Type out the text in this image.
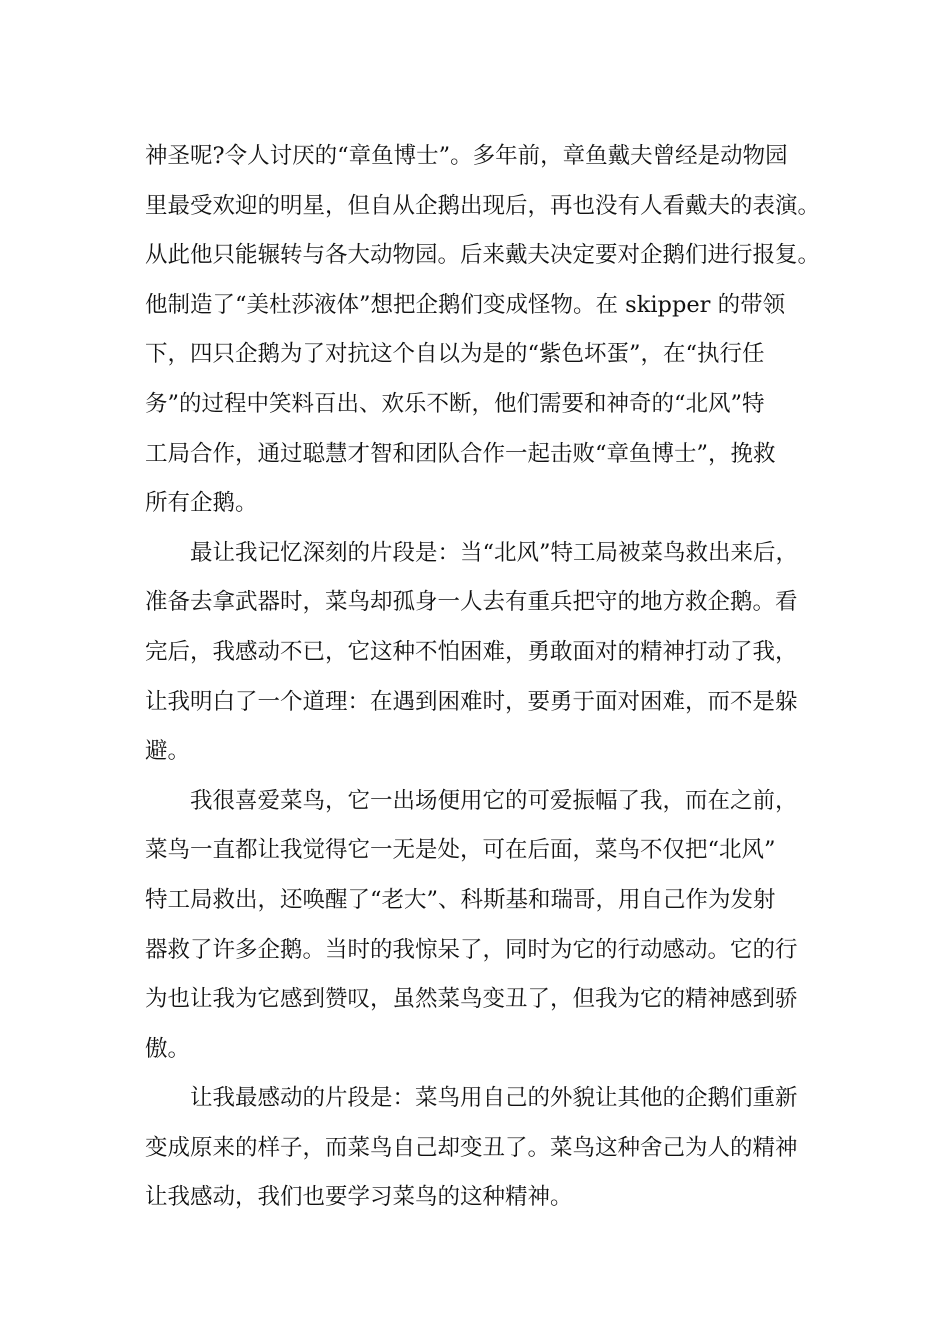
神圣呢?令人讨厌的“章鱼博士”。多年前，章鱼戴夫曾经是动物园
里最受欢迎的明星，但自从企鹅出现后，再也没有人看戴夫的表演。
从此他只能辗转与各大动物园。后来戴夫决定要对企鹅们进行报复。
他制造了“美杜莎液体”想把企鹅们变成怪物。在 skipper 的带领
下，四只企鹅为了对抗这个自以为是的“紫色坏蛋”，在“执行任
务”的过程中笑料百出、欢乐不断，他们需要和神奇的“北风”特
工局合作，通过聪慧才智和团队合作一起击败“章鱼博士”，挽救
所有企鹅。
最让我记忆深刻的片段是：当“北风”特工局被菜鸟救出来后，
准备去拿武器时，菜鸟却孤身一人去有重兵把守的地方救企鹅。看
完后，我感动不已，它这种不怕困难，勇敢面对的精神打动了我，
让我明白了一个道理：在遇到困难时，要勇于面对困难，而不是躲
避。
我很喜爱菜鸟，它一出场便用它的可爱振幅了我，而在之前，
菜鸟一直都让我觉得它一无是处，可在后面，菜鸟不仅把“北风”
特工局救出，还唤醒了“老大”、科斯基和瑞哥，用自己作为发射
器救了许多企鹅。当时的我惊呆了，同时为它的行动感动。它的行
为也让我为它感到赞叹，虽然菜鸟变丑了，但我为它的精神感到骄
傲。
让我最感动的片段是：菜鸟用自己的外貌让其他的企鹅们重新
变成原来的样子，而菜鸟自己却变丑了。菜鸟这种舍己为人的精神
让我感动，我们也要学习菜鸟的这种精神。
